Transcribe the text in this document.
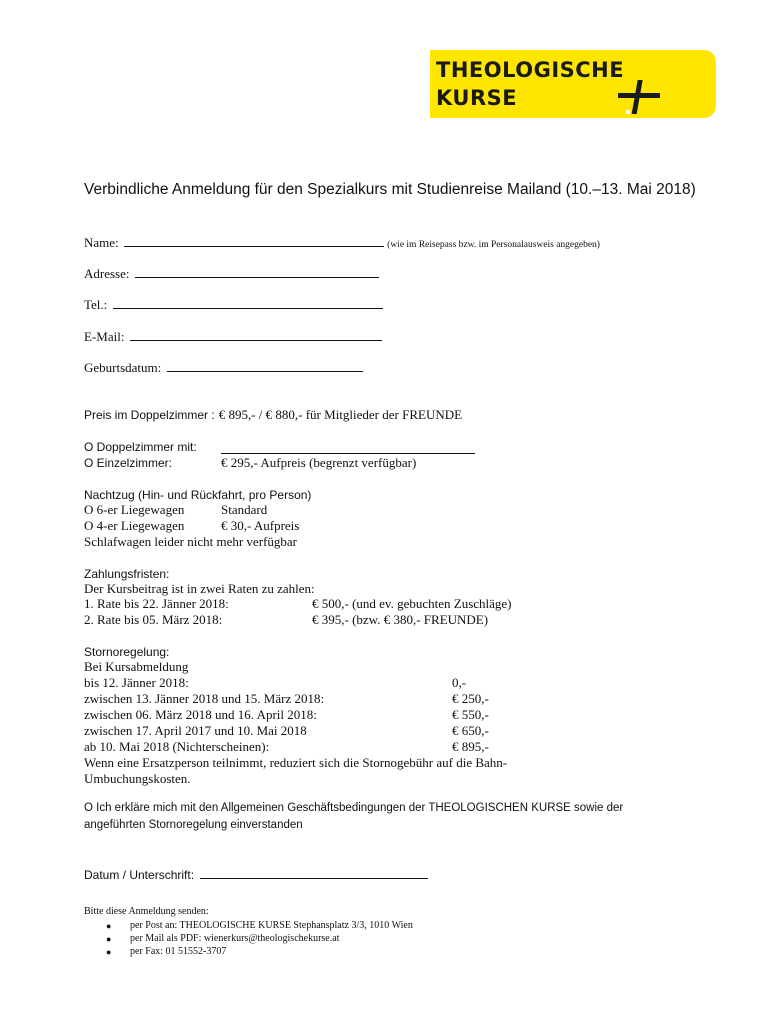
THEOLOGISCHE
KURSE
Verbindliche Anmeldung für den Spezialkurs mit Studienreise Mailand (10.–13. Mai 2018)
Name:	(wie im Reisepass bzw. im Personalausweis angegeben)
Adresse:
Tel.:
E-Mail:
Geburtsdatum:
Preis im Doppelzimmer : € 895,- / € 880,- für Mitglieder der FREUNDE
O Doppelzimmer mit:
O Einzelzimmer:	€ 295,- Aufpreis (begrenzt verfügbar)
Nachtzug (Hin- und Rückfahrt, pro Person)
O 6-er Liegewagen	Standard
O 4-er Liegewagen	€ 30,- Aufpreis
Schlafwagen leider nicht mehr verfügbar
Zahlungsfristen:
Der Kursbeitrag ist in zwei Raten zu zahlen:
1. Rate bis 22. Jänner 2018:	€ 500,- (und ev. gebuchten Zuschläge)
2. Rate bis 05. März 2018:	€ 395,- (bzw. € 380,- FREUNDE)
Stornoregelung:
Bei Kursabmeldung
bis 12. Jänner 2018:	0,-
zwischen 13. Jänner 2018 und 15. März 2018:	€ 250,-
zwischen 06. März 2018 und 16. April 2018:	€ 550,-
zwischen 17. April 2017 und 10. Mai 2018	€ 650,-
ab 10. Mai 2018 (Nichterscheinen):	€ 895,-
Wenn eine Ersatzperson teilnimmt, reduziert sich die Stornogebühr auf die Bahn-
Umbuchungskosten.
O Ich erkläre mich mit den Allgemeinen Geschäftsbedingungen der THEOLOGISCHEN KURSE sowie der
angeführten Stornoregelung einverstanden
Datum / Unterschrift:
Bitte diese Anmeldung senden:
● per Post an: THEOLOGISCHE KURSE Stephansplatz 3/3, 1010 Wien
● per Mail als PDF: wienerkurs@theologischekurse.at
● per Fax: 01 51552-3707
